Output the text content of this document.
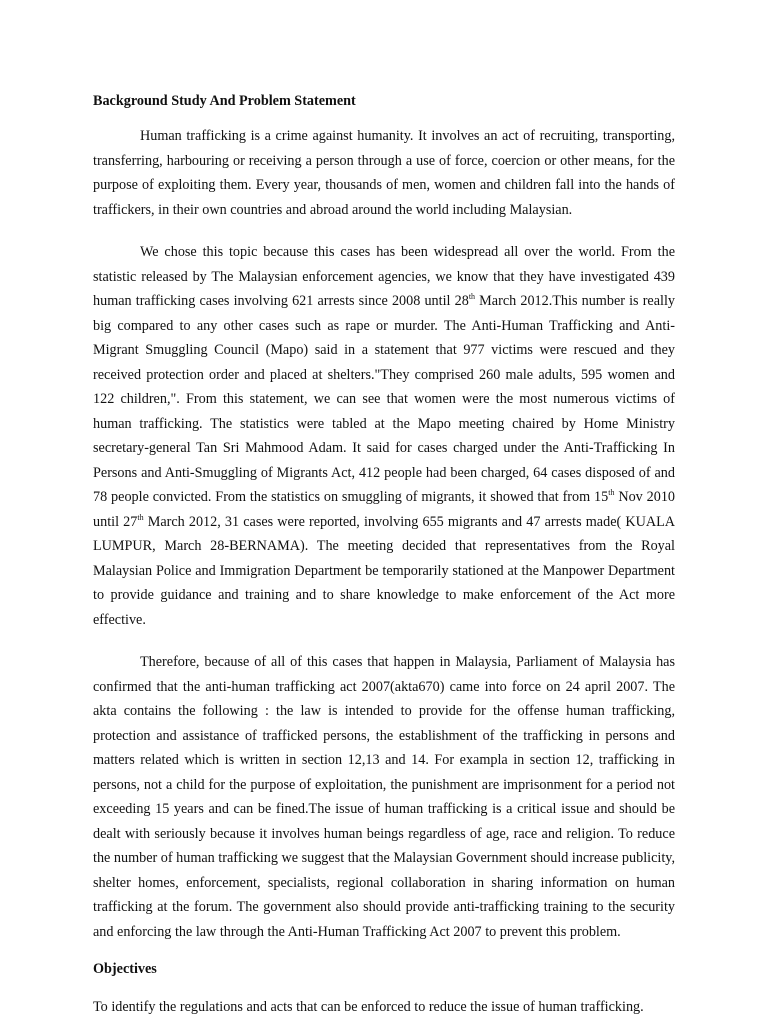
Background Study And Problem Statement

Human trafficking is a crime against humanity. It involves an act of recruiting, transporting, transferring, harbouring or receiving a person through a use of force, coercion or other means, for the purpose of exploiting them. Every year, thousands of men, women and children fall into the hands of traffickers, in their own countries and abroad around the world including Malaysian.

We chose this topic because this cases has been widespread all over the world. From the statistic released by The Malaysian enforcement agencies, we know that they have investigated 439 human trafficking cases involving 621 arrests since 2008 until 28th March 2012.This number is really big compared to any other cases such as rape or murder. The Anti-Human Trafficking and Anti-Migrant Smuggling Council (Mapo) said in a statement that 977 victims were rescued and they received protection order and placed at shelters."They comprised 260 male adults, 595 women and 122 children,". From this statement, we can see that women were the most numerous victims of human trafficking. The statistics were tabled at the Mapo meeting chaired by Home Ministry secretary-general Tan Sri Mahmood Adam. It said for cases charged under the Anti-Trafficking In Persons and Anti-Smuggling of Migrants Act, 412 people had been charged, 64 cases disposed of and 78 people convicted. From the statistics on smuggling of migrants, it showed that from 15th Nov 2010 until 27th March 2012, 31 cases were reported, involving 655 migrants and 47 arrests made( KUALA LUMPUR, March 28-BERNAMA). The meeting decided that representatives from the Royal Malaysian Police and Immigration Department be temporarily stationed at the Manpower Department to provide guidance and training and to share knowledge to make enforcement of the Act more effective.

Therefore, because of all of this cases that happen in Malaysia, Parliament of Malaysia has confirmed that the anti-human trafficking act 2007(akta670) came into force on 24 april 2007. The akta contains the following : the law is intended to provide for the offense human trafficking, protection and assistance of trafficked persons, the establishment of the trafficking in persons and matters related which is written in section 12,13 and 14. For exampla in section 12, trafficking in persons, not a child for the purpose of exploitation, the punishment are imprisonment for a period not exceeding 15 years and can be fined.The issue of human trafficking is a critical issue and should be dealt with seriously because it involves human beings regardless of age, race and religion. To reduce the number of human trafficking we suggest that the Malaysian Government should increase publicity, shelter homes, enforcement, specialists, regional collaboration in sharing information on human trafficking at the forum. The government also should provide anti-trafficking training to the security and enforcing the law through the Anti-Human Trafficking Act 2007 to prevent this problem.

Objectives

To identify the regulations and acts that can be enforced to reduce the issue of human trafficking.
